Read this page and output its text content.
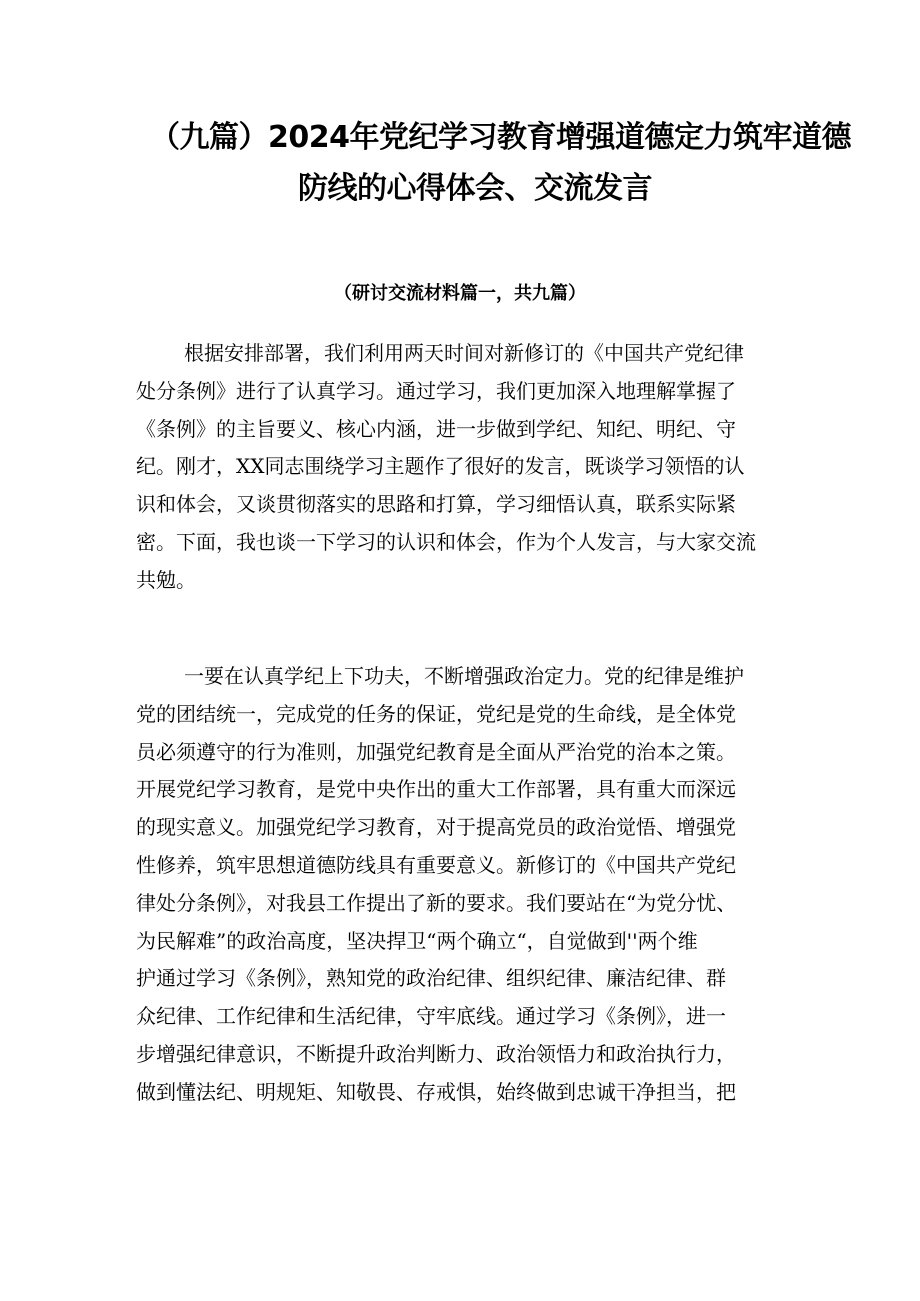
（九篇）2024年党纪学习教育增强道德定力筑牢道德
防线的心得体会、交流发言
（研讨交流材料篇一，共九篇）
根据安排部署，我们利用两天时间对新修订的《中国共产党纪律
处分条例》进行了认真学习。通过学习，我们更加深入地理解掌握了
《条例》的主旨要义、核心内涵，进一步做到学纪、知纪、明纪、守
纪。刚才，XX同志围绕学习主题作了很好的发言，既谈学习领悟的认
识和体会，又谈贯彻落实的思路和打算，学习细悟认真，联系实际紧
密。下面，我也谈一下学习的认识和体会，作为个人发言，与大家交流
共勉。
一要在认真学纪上下功夫，不断增强政治定力。党的纪律是维护
党的团结统一，完成党的任务的保证，党纪是党的生命线，是全体党
员必须遵守的行为准则，加强党纪教育是全面从严治党的治本之策。
开展党纪学习教育，是党中央作出的重大工作部署，具有重大而深远
的现实意义。加强党纪学习教育，对于提高党员的政治觉悟、增强党
性修养，筑牢思想道德防线具有重要意义。新修订的《中国共产党纪
律处分条例》，对我县工作提出了新的要求。我们要站在“为党分忧、
为民解难”的政治高度，坚决捍卫“两个确立“，自觉做到''两个维
护通过学习《条例》，熟知党的政治纪律、组织纪律、廉洁纪律、群
众纪律、工作纪律和生活纪律，守牢底线。通过学习《条例》，进一
步增强纪律意识，不断提升政治判断力、政治领悟力和政治执行力，
做到懂法纪、明规矩、知敬畏、存戒惧，始终做到忠诚干净担当，把
